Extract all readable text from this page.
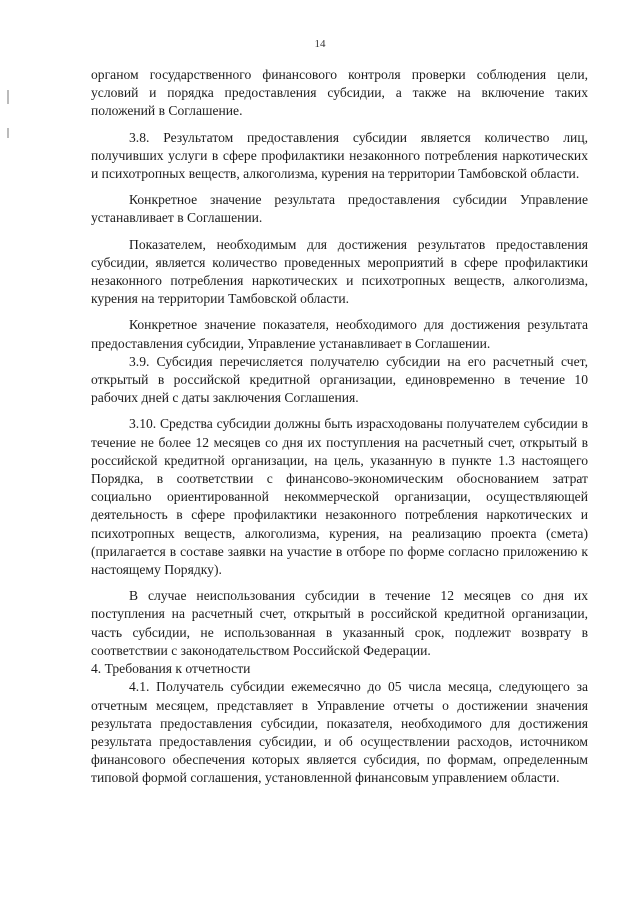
14

органом государственного финансового контроля проверки соблюдения цели, условий и порядка предоставления субсидии, а также на включение таких положений в Соглашение.

3.8. Результатом предоставления субсидии является количество лиц, получивших услуги в сфере профилактики незаконного потребления наркотических и психотропных веществ, алкоголизма, курения на территории Тамбовской области.

Конкретное значение результата предоставления субсидии Управление устанавливает в Соглашении.

Показателем, необходимым для достижения результатов предоставления субсидии, является количество проведенных мероприятий в сфере профилактики незаконного потребления наркотических и психотропных веществ, алкоголизма, курения на территории Тамбовской области.

Конкретное значение показателя, необходимого для достижения результата предоставления субсидии, Управление устанавливает в Соглашении.

3.9. Субсидия перечисляется получателю субсидии на его расчетный счет, открытый в российской кредитной организации, единовременно в течение 10 рабочих дней с даты заключения Соглашения.

3.10. Средства субсидии должны быть израсходованы получателем субсидии в течение не более 12 месяцев со дня их поступления на расчетный счет, открытый в российской кредитной организации, на цель, указанную в пункте 1.3 настоящего Порядка, в соответствии с финансово-экономическим обоснованием затрат социально ориентированной некоммерческой организации, осуществляющей деятельность в сфере профилактики незаконного потребления наркотических и психотропных веществ, алкоголизма, курения, на реализацию проекта (смета) (прилагается в составе заявки на участие в отборе по форме согласно приложению к настоящему Порядку).

В случае неиспользования субсидии в течение 12 месяцев со дня их поступления на расчетный счет, открытый в российской кредитной организации, часть субсидии, не использованная в указанный срок, подлежит возврату в соответствии с законодательством Российской Федерации.

4. Требования к отчетности

4.1. Получатель субсидии ежемесячно до 05 числа месяца, следующего за отчетным месяцем, представляет в Управление отчеты о достижении значения результата предоставления субсидии, показателя, необходимого для достижения результата предоставления субсидии, и об осуществлении расходов, источником финансового обеспечения которых является субсидия, по формам, определенным типовой формой соглашения, установленной финансовым управлением области.
